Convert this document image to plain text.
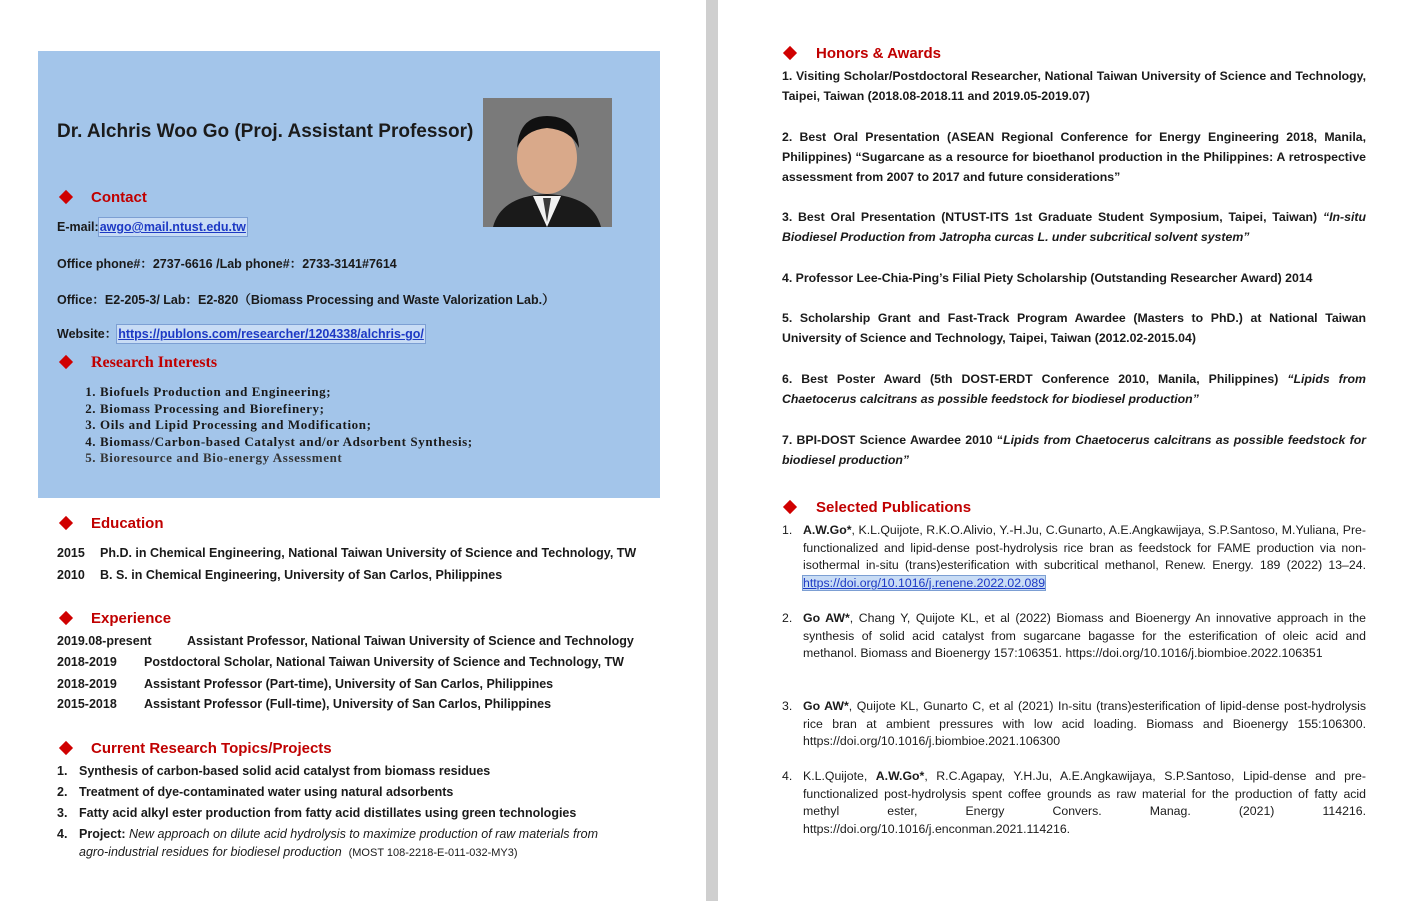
Dr. Alchris Woo Go (Proj. Assistant Professor)
Contact
E-mail:awgo@mail.ntust.edu.tw
Office phone#：2737-6616 /Lab phone#：2733-3141#7614
Office：E2-205-3/ Lab：E2-820（Biomass Processing and Waste Valorization Lab.）
Website：https://publons.com/researcher/1204338/alchris-go/
Research Interests
1. Biofuels Production and Engineering;
2. Biomass Processing and Biorefinery;
3. Oils and Lipid Processing and Modification;
4. Biomass/Carbon-based Catalyst and/or Adsorbent Synthesis;
5. Bioresource and Bio-energy Assessment
Education
2015 Ph.D. in Chemical Engineering, National Taiwan University of Science and Technology, TW
2010 B. S. in Chemical Engineering, University of San Carlos, Philippines
Experience
2019.08-present	Assistant Professor, National Taiwan University of Science and Technology
2018-2019 Postdoctoral Scholar, National Taiwan University of Science and Technology, TW
2018-2019 Assistant Professor (Part-time), University of San Carlos, Philippines
2015-2018 Assistant Professor (Full-time), University of San Carlos, Philippines
Current Research Topics/Projects
1. Synthesis of carbon-based solid acid catalyst from biomass residues
2. Treatment of dye-contaminated water using natural adsorbents
3. Fatty acid alkyl ester production from fatty acid distillates using green technologies
4. Project: New approach on dilute acid hydrolysis to maximize production of raw materials from
agro-industrial residues for biodiesel production (MOST 108-2218-E-011-032-MY3)
Honors & Awards
1. Visiting Scholar/Postdoctoral Researcher, National Taiwan University of Science and Technology, Taipei, Taiwan (2018.08-2018.11 and 2019.05-2019.07)
2. Best Oral Presentation (ASEAN Regional Conference for Energy Engineering 2018, Manila, Philippines) “Sugarcane as a resource for bioethanol production in the Philippines: A retrospective assessment from 2007 to 2017 and future considerations”
3. Best Oral Presentation (NTUST-ITS 1st Graduate Student Symposium, Taipei, Taiwan) “In-situ Biodiesel Production from Jatropha curcas L. under subcritical solvent system”
4. Professor Lee-Chia-Ping’s Filial Piety Scholarship (Outstanding Researcher Award) 2014
5. Scholarship Grant and Fast-Track Program Awardee (Masters to PhD.) at National Taiwan University of Science and Technology, Taipei, Taiwan (2012.02-2015.04)
6. Best Poster Award (5th DOST-ERDT Conference 2010, Manila, Philippines) “Lipids from Chaetocerus calcitrans as possible feedstock for biodiesel production”
7. BPI-DOST Science Awardee 2010 “Lipids from Chaetocerus calcitrans as possible feedstock for biodiesel production”
Selected Publications
1. A.W.Go*, K.L.Quijote, R.K.O.Alivio, Y.-H.Ju, C.Gunarto, A.E.Angkawijaya, S.P.Santoso, M.Yuliana, Pre-functionalized and lipid-dense post-hydrolysis rice bran as feedstock for FAME production via non-isothermal in-situ (trans)esterification with subcritical methanol, Renew. Energy. 189 (2022) 13–24. https://doi.org/10.1016/j.renene.2022.02.089
2. Go AW*, Chang Y, Quijote KL, et al (2022) Biomass and Bioenergy An innovative approach in the synthesis of solid acid catalyst from sugarcane bagasse for the esterification of oleic acid and methanol. Biomass and Bioenergy 157:106351. https://doi.org/10.1016/j.biombioe.2022.106351
3. Go AW*, Quijote KL, Gunarto C, et al (2021) In-situ (trans)esterification of lipid-dense post-hydrolysis rice bran at ambient pressures with low acid loading. Biomass and Bioenergy 155:106300. https://doi.org/10.1016/j.biombioe.2021.106300
4. K.L.Quijote, A.W.Go*, R.C.Agapay, Y.H.Ju, A.E.Angkawijaya, S.P.Santoso, Lipid-dense and pre-functionalized post-hydrolysis spent coffee grounds as raw material for the production of fatty acid methyl ester, Energy Convers. Manag. (2021) 114216. https://doi.org/10.1016/j.enconman.2021.114216.
